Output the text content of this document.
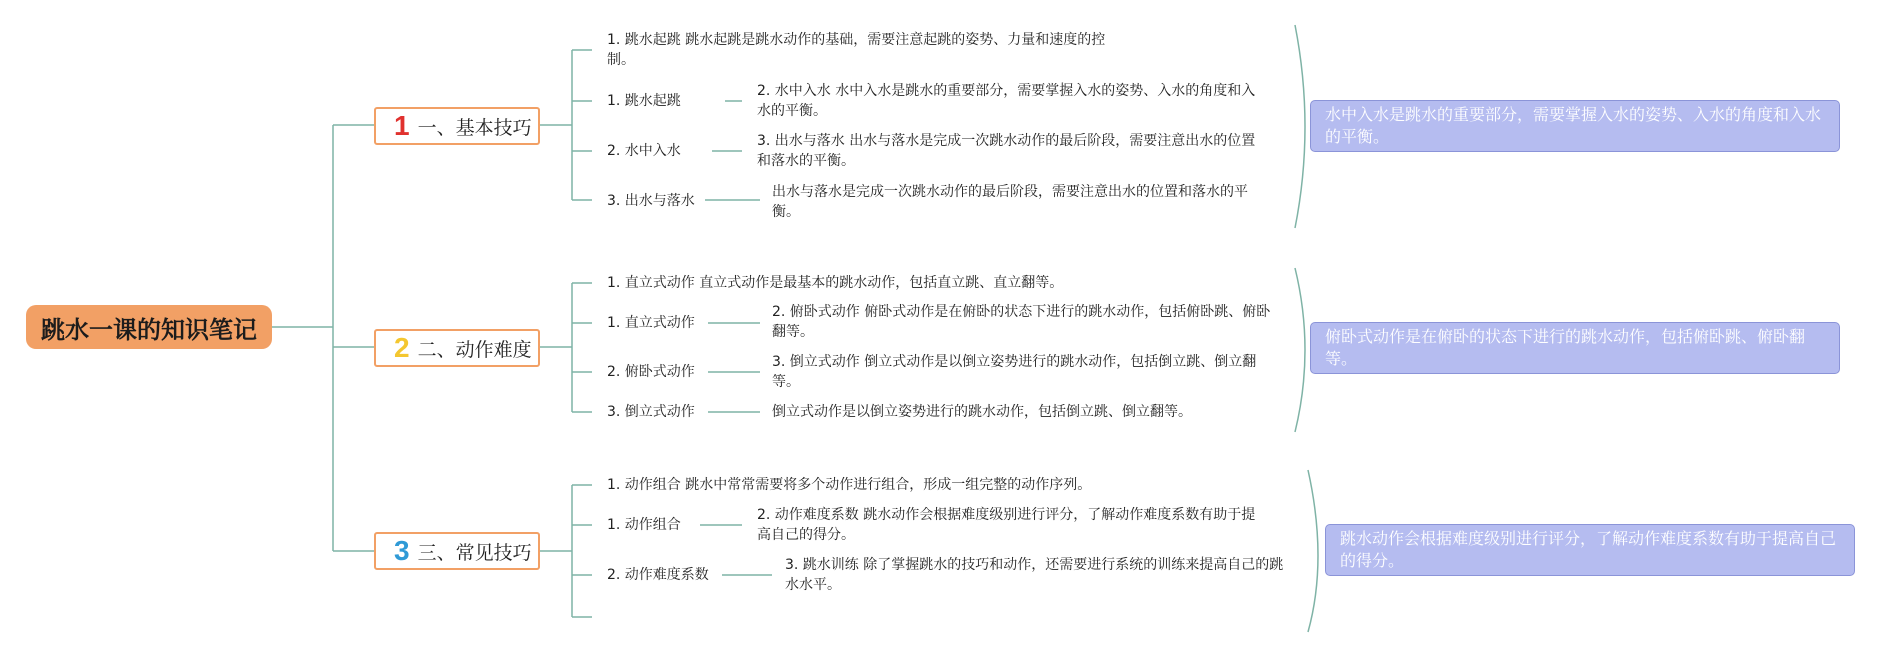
跳水一课的知识笔记
1 一、基本技巧
1. 跳水起跳 跳水起跳是跳水动作的基础，需要注意起跳的姿势、力量和速度的控制。
1. 跳水起跳
2. 水中入水
3. 出水与落水
2. 水中入水 水中入水是跳水的重要部分，需要掌握入水的姿势、入水的角度和入水的平衡。
3. 出水与落水 出水与落水是完成一次跳水动作的最后阶段，需要注意出水的位置和落水的平衡。
出水与落水是完成一次跳水动作的最后阶段，需要注意出水的位置和落水的平衡。
水中入水是跳水的重要部分，需要掌握入水的姿势、入水的角度和入水的平衡。
2 二、动作难度
1. 直立式动作 直立式动作是最基本的跳水动作，包括直立跳、直立翻等。
1. 直立式动作
2. 俯卧式动作
3. 倒立式动作
2. 俯卧式动作 俯卧式动作是在俯卧的状态下进行的跳水动作，包括俯卧跳、俯卧翻等。
3. 倒立式动作 倒立式动作是以倒立姿势进行的跳水动作，包括倒立跳、倒立翻等。
倒立式动作是以倒立姿势进行的跳水动作，包括倒立跳、倒立翻等。
俯卧式动作是在俯卧的状态下进行的跳水动作，包括俯卧跳、俯卧翻等。
3 三、常见技巧
1. 动作组合 跳水中常常需要将多个动作进行组合，形成一组完整的动作序列。
1. 动作组合
2. 动作难度系数
2. 动作难度系数 跳水动作会根据难度级别进行评分，了解动作难度系数有助于提高自己的得分。
3. 跳水训练 除了掌握跳水的技巧和动作，还需要进行系统的训练来提高自己的跳水水平。
跳水动作会根据难度级别进行评分，了解动作难度系数有助于提高自己的得分。
